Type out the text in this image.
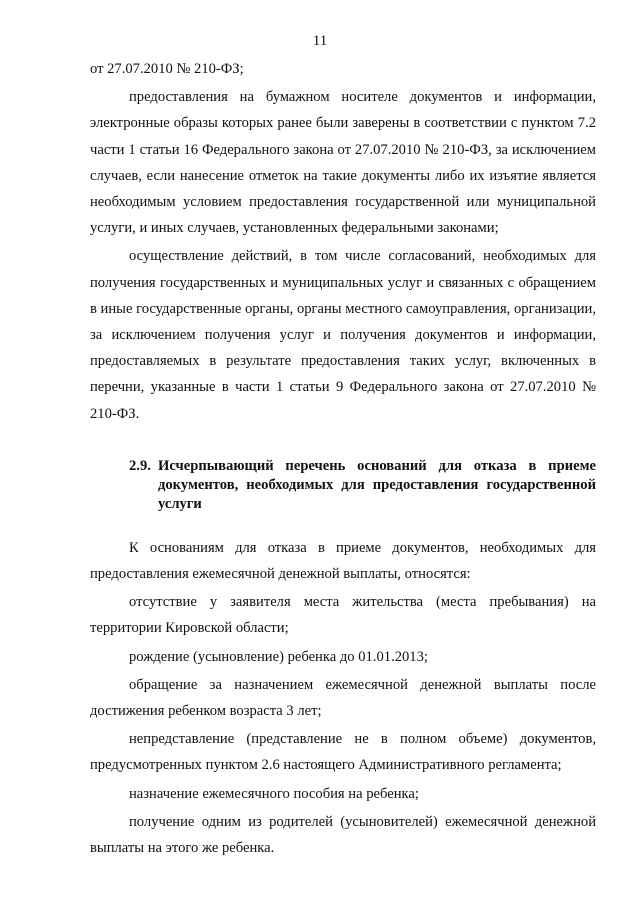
11

от 27.07.2010 № 210-ФЗ;

предоставления на бумажном носителе документов и информации, электронные образы которых ранее были заверены в соответствии с пунктом 7.2 части 1 статьи 16 Федерального закона от 27.07.2010 № 210-ФЗ, за исключением случаев, если нанесение отметок на такие документы либо их изъятие является необходимым условием предоставления государственной или муниципальной услуги, и иных случаев, установленных федеральными законами;

осуществление действий, в том числе согласований, необходимых для получения государственных и муниципальных услуг и связанных с обращением в иные государственные органы, органы местного самоуправления, организации, за исключением получения услуг и получения документов и информации, предоставляемых в результате предоставления таких услуг, включенных в перечни, указанные в части 1 статьи 9 Федерального закона от 27.07.2010 № 210-ФЗ.

2.9. Исчерпывающий перечень оснований для отказа в приеме документов, необходимых для предоставления государственной услуги

К основаниям для отказа в приеме документов, необходимых для предоставления ежемесячной денежной выплаты, относятся:

отсутствие у заявителя места жительства (места пребывания) на территории Кировской области;

рождение (усыновление) ребенка до 01.01.2013;

обращение за назначением ежемесячной денежной выплаты после достижения ребенком возраста 3 лет;

непредставление (представление не в полном объеме) документов, предусмотренных пунктом 2.6 настоящего Административного регламента;

назначение ежемесячного пособия на ребенка;

получение одним из родителей (усыновителей) ежемесячной денежной выплаты на этого же ребенка.
